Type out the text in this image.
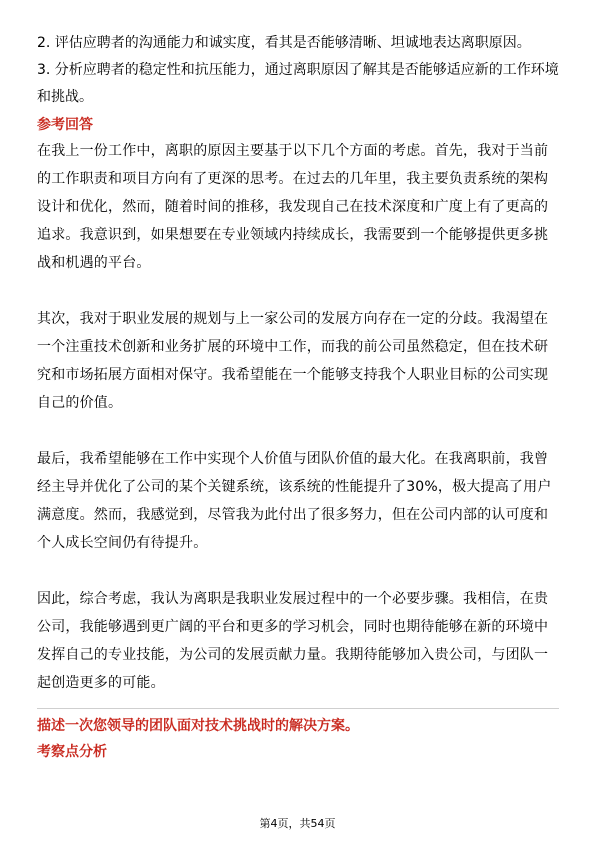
2. 评估应聘者的沟通能力和诚实度，看其是否能够清晰、坦诚地表达离职原因。

3. 分析应聘者的稳定性和抗压能力，通过离职原因了解其是否能够适应新的工作环境和挑战。

参考回答

在我上一份工作中，离职的原因主要基于以下几个方面的考虑。首先，我对于当前的工作职责和项目方向有了更深的思考。在过去的几年里，我主要负责系统的架构设计和优化，然而，随着时间的推移，我发现自己在技术深度和广度上有了更高的追求。我意识到，如果想要在专业领域内持续成长，我需要到一个能够提供更多挑战和机遇的平台。

其次，我对于职业发展的规划与上一家公司的发展方向存在一定的分歧。我渴望在一个注重技术创新和业务扩展的环境中工作，而我的前公司虽然稳定，但在技术研究和市场拓展方面相对保守。我希望能在一个能够支持我个人职业目标的公司实现自己的价值。

最后，我希望能够在工作中实现个人价值与团队价值的最大化。在我离职前，我曾经主导并优化了公司的某个关键系统，该系统的性能提升了30%，极大提高了用户满意度。然而，我感觉到，尽管我为此付出了很多努力，但在公司内部的认可度和个人成长空间仍有待提升。

因此，综合考虑，我认为离职是我职业发展过程中的一个必要步骤。我相信，在贵公司，我能够遇到更广阔的平台和更多的学习机会，同时也期待能够在新的环境中发挥自己的专业技能，为公司的发展贡献力量。我期待能够加入贵公司，与团队一起创造更多的可能。

描述一次您领导的团队面对技术挑战时的解决方案。
考察点分析
第4页，共54页
